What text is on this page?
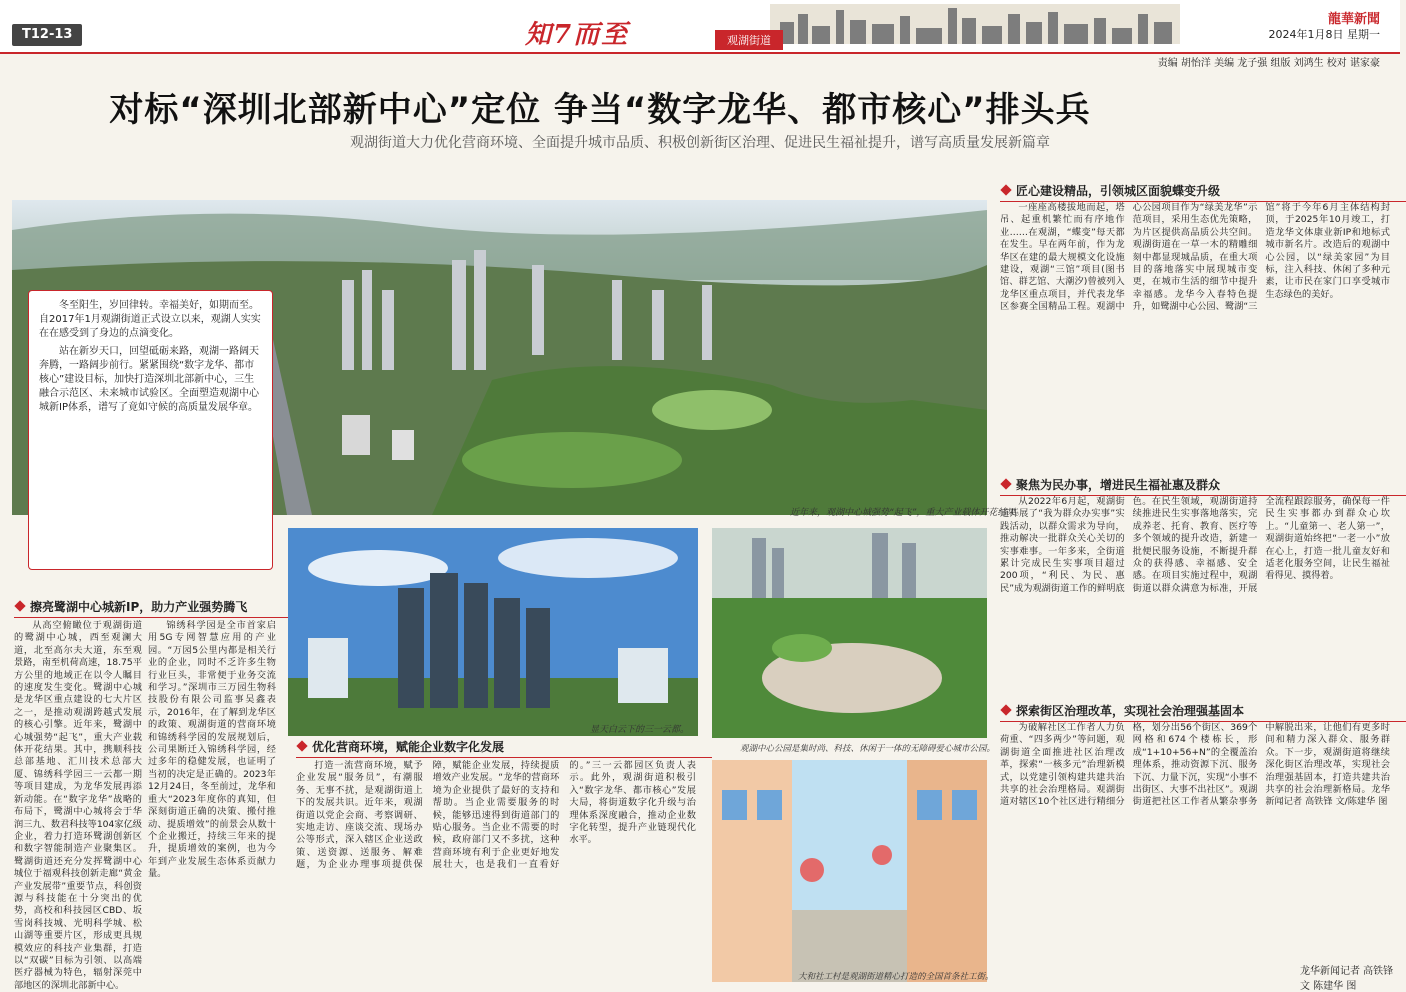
T12-13	知7而至	观湖街道
龍華新聞
2024年1月8日 星期一
责编 胡怡洋 美编 龙子强 组版 刘鸿生 校对 谌家豪
对标“深圳北部新中心”定位 争当“数字龙华、都市核心”排头兵
观湖街道大力优化营商环境、全面提升城市品质、积极创新街区治理、促进民生福祉提升，谱写高质量发展新篇章

冬至阳生，岁回律转。幸福美好，如期而至。自2017年1月观湖街道正式设立以来，观湖人实实在在感受到了身边的点滴变化。

站在新岁天口，回望砥砺来路，观湖一路阔天奔腾，一路阔步前行。紧紧围绕“数字龙华、都市核心”建设目标，加快打造深圳北部新中心，三生融合示范区、未来城市试验区。全面塑造观湖中心城新IP体系，谱写了竟如守候的高质量发展华章。

近年来，观湖中心城强势“起飞”，重大产业载体开花结果。
擦亮鹭湖中心城新IP，助力产业强势腾飞

从高空俯瞰位于观湖街道的鹭湖中心城，西至观澜大道，北至高尔夫大道，东至观景路，南至机荷高速，18.75平方公里的地域正在以令人瞩目的速度发生变化。鹭湖中心城是龙华区重点建设的七大片区之一，是推动观湖跨越式发展的核心引擎。近年来，鹭湖中心城强势“起飞”，重大产业载体开花结果。其中，携顺科技总部基地、汇川技术总部大厦、锦绣科学园三一云都一期等项目建成，为龙华发展再添新动能。在“数字龙华”战略的布局下，鹭湖中心城将会于华润三九、数君科技等104家亿级企业，着力打造环鹭湖创新区和数字智能制造产业聚集区。鹭湖街道还充分发挥鹭湖中心城位于福观科技创新走廊“黄金产业发展带”重要节点，科创资源与科技能在十分突出的优势，高校和科技园区CBD、坂雪岗科技城、光明科学城、松山湖等重要片区，形成更具规模效应的科技产业集群，打造以“双碳”目标为引领、以高端医疗器械为特色，辐射深莞中部地区的深圳北部新中心。

锦绣科学园是全市首家启用5G专网智慧应用的产业园。“万园5公里内都是相关行业的企业，同时不乏许多生物行业巨头，非常便于业务交流和学习。”深圳市三万园生物科技股份有限公司监事吴鑫表示，2016年，在了解到龙华区的政策、观湖街道的营商环境和锦绣科学园的发展规划后，公司果断迁入锦绣科学园，经过多年的稳健发展，也证明了当初的决定是正确的。2023年12月24日，冬至前过，龙华和重大“2023年度你的真知，但深刻街道正确的决策、搬付推动、提质增效”的前景会从数十个企业搬迁，持续三年来的提升，提质增效的案例，也为今年到产业发展生态体系贡献力量。

显天白云下的三一云都。
观湖中心公园是集时尚、科技、休闲于一体的无障碍爱心城市公园。
优化营商环境，赋能企业数字化发展

打造一流营商环境，赋予企业发展“服务员”，有潮服务、无事不扰，是观湖街道上下的发展共识。近年来，观湖街道以党企会商、考察调研、实地走访、座谈交流、现场办公等形式，深入辖区企业送政策、送资源、送服务、解难题，为企业办理事项提供保障，赋能企业发展，持续提质增效产业发展。“龙华的营商环境为企业提供了最好的支持和帮助。当企业需要服务的时候，能够迅速得到街道部门的贴心服务。当企业不需要的时候，政府部门又不多扰，这种营商环境有利于企业更好地发展壮大，也是我们一直看好的。”三一云都园区负责人表示。此外，观湖街道积极引入“数字龙华、都市核心”发展大局，将街道数字化升级与治理体系深度融合，推动企业数字化转型，提升产业链现代化水平。

大和社工村是观湖街道精心打造的全国首条社工街。
匠心建设精品，引领城区面貌蝶变升级

一座座高楼拔地而起，塔吊、起重机繁忙而有序地作业……在观湖，“蝶变”每天都在发生。早在两年前，作为龙华区在建的最大规模文化设施建设，观湖“三馆”项目(图书馆、群艺馆、大潮汐)曾被列入龙华区重点项目，并代表龙华区参赛全国精品工程。观湖中心公园项目作为“绿美龙华”示范项目，采用生态优先策略，为片区提供高品质公共空间。观湖街道在一草一木的精雕细刻中都显现城品质，在重大项目的落地落实中展现城市变更，在城市生活的细节中提升幸福感。龙华今入春特色提升，如鹭湖中心公园、鹭湖“三馆”将于今年6月主体结构封顶，于2025年10月竣工，打造龙华文体康业新IP和地标式城市新名片。改造后的观湖中心公园，以“绿美家园”为目标，注入科技、休闲了多种元素，让市民在家门口享受城市生态绿色的美好。

聚焦为民办事，增进民生福祉惠及群众

从2022年6月起，观湖街道开展了“我为群众办实事”实践活动，以群众需求为导向，推动解决一批群众关心关切的实事难事。一年多来，全街道累计完成民生实事项目超过200项，“利民、为民、惠民”成为观湖街道工作的鲜明底色。在民生领域，观湖街道持续推进民生实事落地落实，完成养老、托育、教育、医疗等多个领域的提升改造，新建一批便民服务设施，不断提升群众的获得感、幸福感、安全感。在项目实施过程中，观湖街道以群众满意为标准，开展全流程跟踪服务，确保每一件民生实事都办到群众心坎上。“儿童第一、老人第一”，观湖街道始终把“一老一小”放在心上，打造一批儿童友好和适老化服务空间，让民生福祉看得见、摸得着。

探索街区治理改革，实现社会治理强基固本

为破解社区工作者人力负荷重、“四多两少”等问题，观湖街道全面推进社区治理改革，探索“一核多元”治理新模式，以党建引领构建共建共治共享的社会治理格局。观湖街道对辖区10个社区进行精细分格，划分出56个街区、369个网格和674个楼栋长，形成“1+10+56+N”的全覆盖治理体系，推动资源下沉、服务下沉、力量下沉，实现“小事不出街区、大事不出社区”。观湖街道把社区工作者从繁杂事务中解脱出来，让他们有更多时间和精力深入群众、服务群众。下一步，观湖街道将继续深化街区治理改革，实现社会治理强基固本，打造共建共治共享的社会治理新格局。龙华新闻记者 高铁锋 文/陈建华 图

龙华新闻记者 高铁锋 文 陈建华 图
